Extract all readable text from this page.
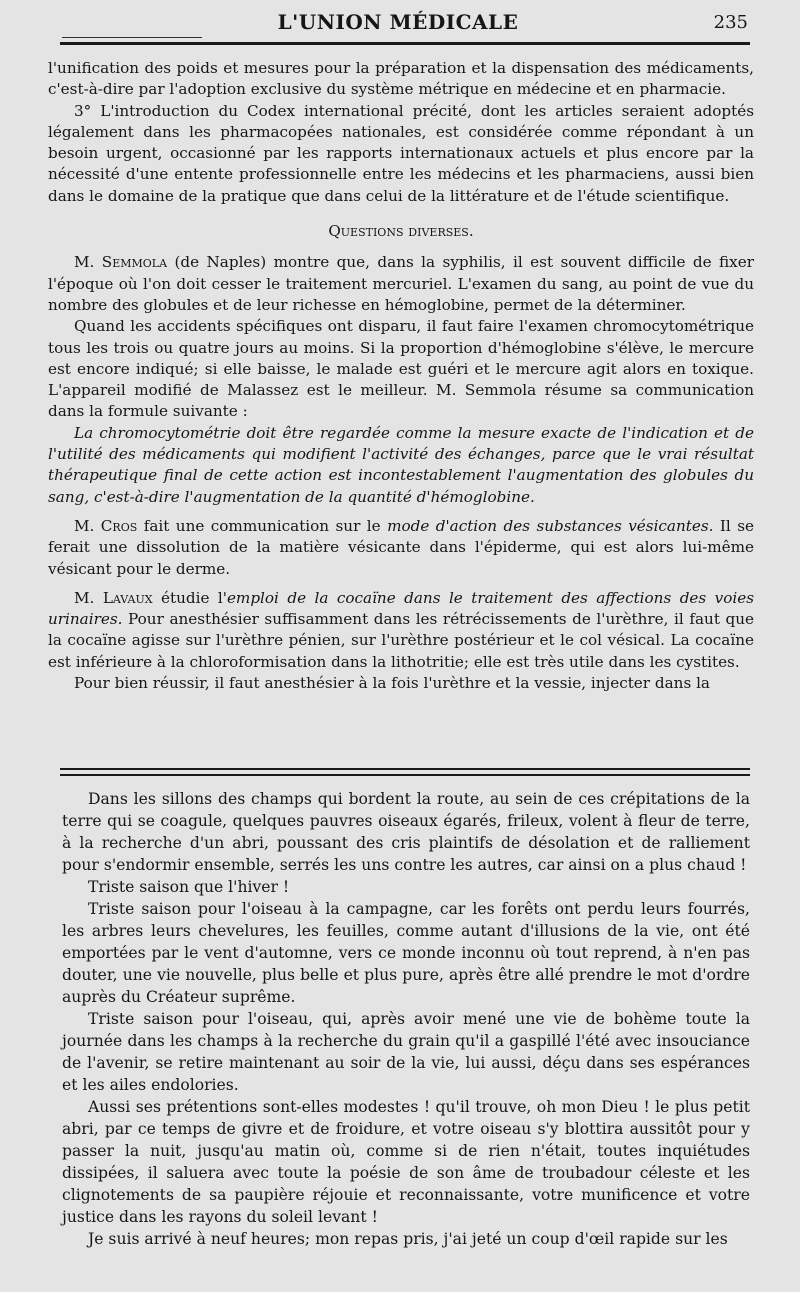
L'UNION MÉDICALE	235

l'unification des poids et mesures pour la préparation et la dispensation des médicaments, c'est-à-dire par l'adoption exclusive du système métrique en médecine et en pharmacie.

3° L'introduction du Codex international précité, dont les articles seraient adoptés légalement dans les pharmacopées nationales, est considérée comme répondant à un besoin urgent, occasionné par les rapports internationaux actuels et plus encore par la nécessité d'une entente professionnelle entre les médecins et les pharmaciens, aussi bien dans le domaine de la pratique que dans celui de la littérature et de l'étude scientifique.

Questions diverses.

M. Semmola (de Naples) montre que, dans la syphilis, il est souvent difficile de fixer l'époque où l'on doit cesser le traitement mercuriel. L'examen du sang, au point de vue du nombre des globules et de leur richesse en hémoglobine, permet de la déterminer.

Quand les accidents spécifiques ont disparu, il faut faire l'examen chromocytométrique tous les trois ou quatre jours au moins. Si la proportion d'hémoglobine s'élève, le mercure est encore indiqué; si elle baisse, le malade est guéri et le mercure agit alors en toxique. L'appareil modifié de Malassez est le meilleur. M. Semmola résume sa communication dans la formule suivante :

La chromocytométrie doit être regardée comme la mesure exacte de l'indication et de l'utilité des médicaments qui modifient l'activité des échanges, parce que le vrai résultat thérapeutique final de cette action est incontestablement l'augmentation des globules du sang, c'est-à-dire l'augmentation de la quantité d'hémoglobine.

M. Cros fait une communication sur le mode d'action des substances vésicantes. Il se ferait une dissolution de la matière vésicante dans l'épiderme, qui est alors lui-même vésicant pour le derme.

M. Lavaux étudie l'emploi de la cocaïne dans le traitement des affections des voies urinaires. Pour anesthésier suffisamment dans les rétrécissements de l'urèthre, il faut que la cocaïne agisse sur l'urèthre pénien, sur l'urèthre postérieur et le col vésical. La cocaïne est inférieure à la chloroformisation dans la lithotritie; elle est très utile dans les cystites.

Pour bien réussir, il faut anesthésier à la fois l'urèthre et la vessie, injecter dans la

Dans les sillons des champs qui bordent la route, au sein de ces crépitations de la terre qui se coagule, quelques pauvres oiseaux égarés, frileux, volent à fleur de terre, à la recherche d'un abri, poussant des cris plaintifs de désolation et de ralliement pour s'endormir ensemble, serrés les uns contre les autres, car ainsi on a plus chaud !

Triste saison que l'hiver !

Triste saison pour l'oiseau à la campagne, car les forêts ont perdu leurs fourrés, les arbres leurs chevelures, les feuilles, comme autant d'illusions de la vie, ont été emportées par le vent d'automne, vers ce monde inconnu où tout reprend, à n'en pas douter, une vie nouvelle, plus belle et plus pure, après être allé prendre le mot d'ordre auprès du Créateur suprême.

Triste saison pour l'oiseau, qui, après avoir mené une vie de bohème toute la journée dans les champs à la recherche du grain qu'il a gaspillé l'été avec insouciance de l'avenir, se retire maintenant au soir de la vie, lui aussi, déçu dans ses espérances et les ailes endolories.

Aussi ses prétentions sont-elles modestes ! qu'il trouve, oh mon Dieu ! le plus petit abri, par ce temps de givre et de froidure, et votre oiseau s'y blottira aussitôt pour y passer la nuit, jusqu'au matin où, comme si de rien n'était, toutes inquiétudes dissipées, il saluera avec toute la poésie de son âme de troubadour céleste et les clignotements de sa paupière réjouie et reconnaissante, votre munificence et votre justice dans les rayons du soleil levant !

Je suis arrivé à neuf heures; mon repas pris, j'ai jeté un coup d'œil rapide sur les
